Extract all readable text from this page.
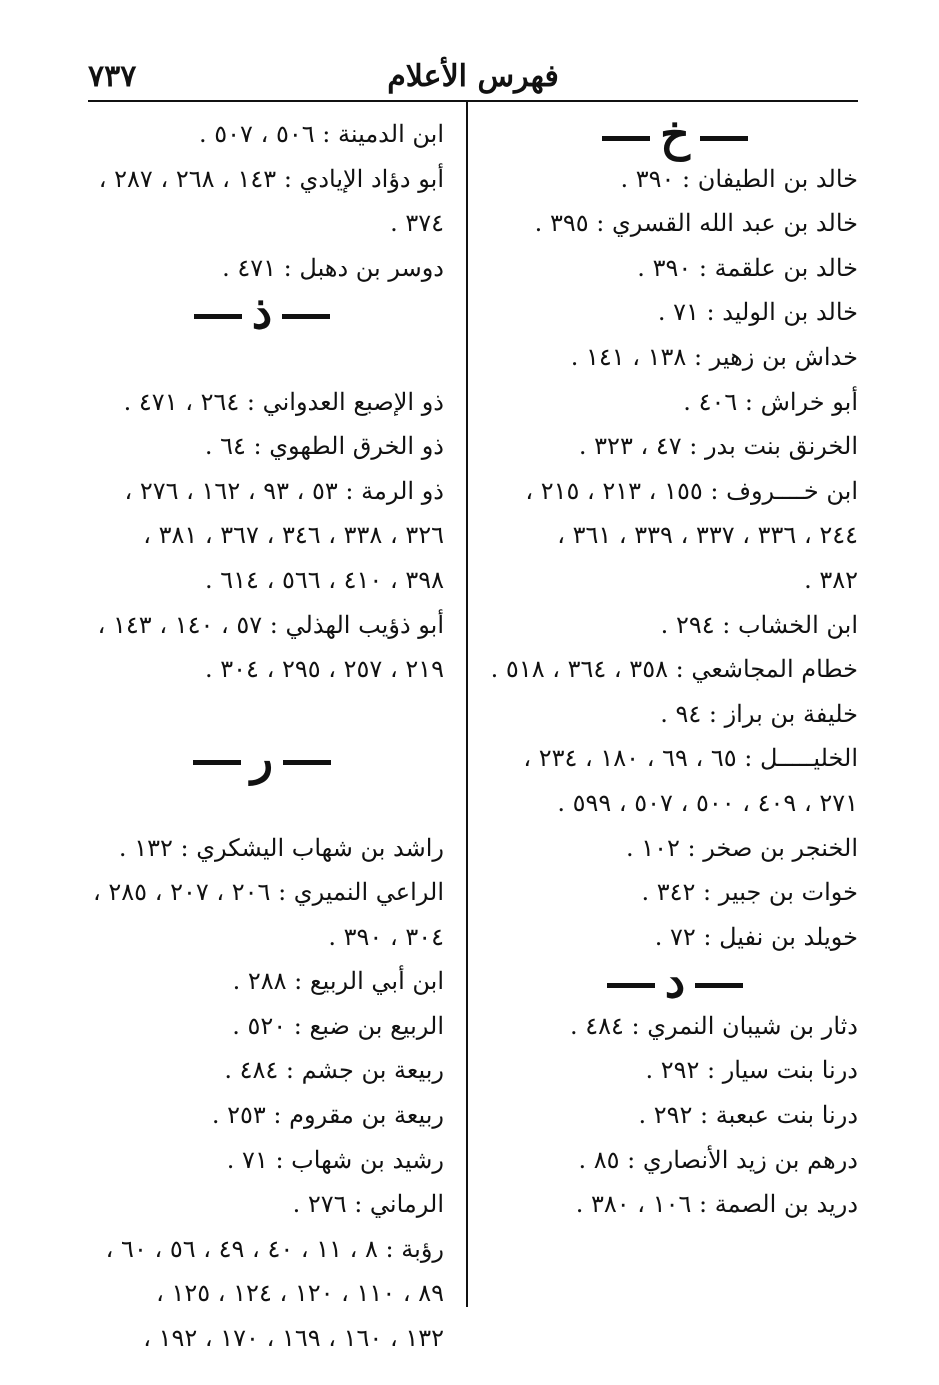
٧٣٧	فهرس الأعلام
خ
خالد بن الطيفان : ٣٩٠ .
خالد بن عبد الله القسري : ٣٩٥ .
خالد بن علقمة : ٣٩٠ .
خالد بن الوليد : ٧١ .
خداش بن زهير : ١٣٨ ، ١٤١ .
أبو خراش : ٤٠٦ .
الخرنق بنت بدر : ٤٧ ، ٣٢٣ .
ابن خــــروف : ١٥٥ ، ٢١٣ ، ٢١٥ ،
٢٤٤ ، ٣٣٦ ، ٣٣٧ ، ٣٣٩ ، ٣٦١ ،
٣٨٢ .
ابن الخشاب : ٢٩٤ .
خطام المجاشعي : ٣٥٨ ، ٣٦٤ ، ٥١٨ .
خليفة بن براز : ٩٤ .
الخليـــــل : ٦٥ ، ٦٩ ، ١٨٠ ، ٢٣٤ ،
٢٧١ ، ٤٠٩ ، ٥٠٠ ، ٥٠٧ ، ٥٩٩ .
الخنجر بن صخر : ١٠٢ .
خوات بن جبير : ٣٤٢ .
خويلد بن نفيل : ٧٢ .
د
دثار بن شيبان النمري : ٤٨٤ .
درنا بنت سيار : ٢٩٢ .
درنا بنت عبعبة : ٢٩٢ .
درهم بن زيد الأنصاري : ٨٥ .
دريد بن الصمة : ١٠٦ ، ٣٨٠ .
ابن الدمينة : ٥٠٦ ، ٥٠٧ .
أبو دؤاد الإيادي : ١٤٣ ، ٢٦٨ ، ٢٨٧ ،
٣٧٤ .
دوسر بن دهبل : ٤٧١ .
ذ
ذو الإصبع العدواني : ٢٦٤ ، ٤٧١ .
ذو الخرق الطهوي : ٦٤ .
ذو الرمة : ٥٣ ، ٩٣ ، ١٦٢ ، ٢٧٦ ،
٣٢٦ ، ٣٣٨ ، ٣٤٦ ، ٣٦٧ ، ٣٨١ ،
٣٩٨ ، ٤١٠ ، ٥٦٦ ، ٦١٤ .
أبو ذؤيب الهذلي : ٥٧ ، ١٤٠ ، ١٤٣ ،
٢١٩ ، ٢٥٧ ، ٢٩٥ ، ٣٠٤ .
ر
راشد بن شهاب اليشكري : ١٣٢ .
الراعي النميري : ٢٠٦ ، ٢٠٧ ، ٢٨٥ ،
٣٠٤ ، ٣٩٠ .
ابن أبي الربيع : ٢٨٨ .
الربيع بن ضبع : ٥٢٠ .
ربيعة بن جشم : ٤٨٤ .
ربيعة بن مقروم : ٢٥٣ .
رشيد بن شهاب : ٧١ .
الرماني : ٢٧٦ .
رؤبة : ٨ ، ١١ ، ٤٠ ، ٤٩ ، ٥٦ ، ٦٠ ،
٨٩ ، ١١٠ ، ١٢٠ ، ١٢٤ ، ١٢٥ ،
١٣٢ ، ١٦٠ ، ١٦٩ ، ١٧٠ ، ١٩٢ ،
